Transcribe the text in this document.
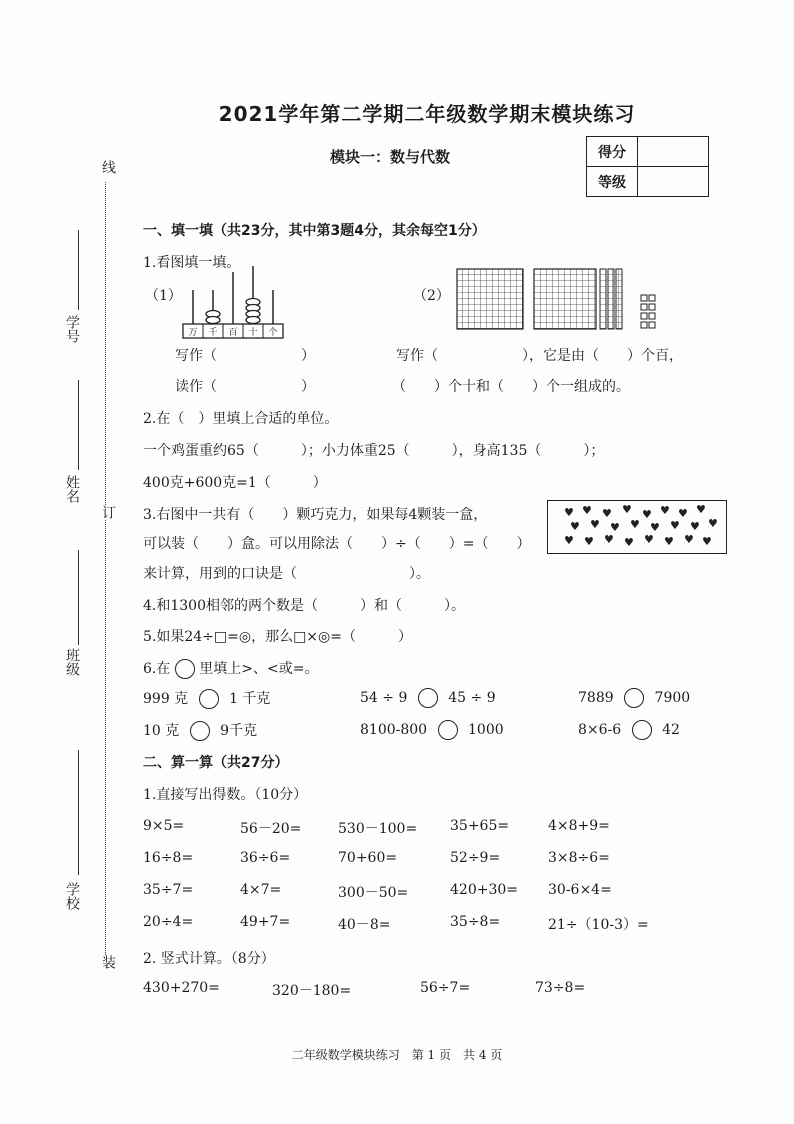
2021学年第二学期二年级数学期末模块练习
模块一：数与代数	得分	
等级	
线
订
装
学号
姓名
班级
学校
一、填一填（共23分，其中第3题4分，其余每空1分）
1.看图填一填。
（1）
万	千	百	十	个
（2）
写作（　　　　　　）	写作（　　　　　　），它是由（　　）个百，
读作（　　　　　　）	（　　）个十和（　　）个一组成的。
2.在（　）里填上合适的单位。
一个鸡蛋重约65（　　　）；小力体重25（　　　），身高135（　　　）；
400克+600克=1（　　　）
3.右图中一共有（　　）颗巧克力，如果每4颗装一盒，
可以装（　　）盒。可以用除法（　　）÷（　　）=（　　）
来计算，用到的口诀是（　　　　　　　　）。
♥ ♥ ♥ ♥ ♥ ♥ ♥ ♥
♥ ♥ ♥ ♥ ♥ ♥ ♥ ♥
♥ ♥ ♥ ♥ ♥ ♥ ♥ ♥
4.和1300相邻的两个数是（　　　）和（　　　）。
5.如果24÷□=◎，那么□×◎=（　　　）
6.在 里填上>、<或=。
999 克	1 千克	54 ÷ 9	45 ÷ 9	7889	7900
10 克	9千克	8100-800	1000	8×6-6	42
二、算一算（共27分）
1.直接写出得数。（10分）
9×5=	56－20=	530－100= 35+65=	4×8+9=
16÷8=	36÷6=	70+60=	52÷9=	3×8÷6=
35÷7=	4×7=	300－50=	420+30= 30-6×4=
20÷4=	49+7=	40－8=	35÷8=	21÷（10-3）=
2. 竖式计算。（8分）
430+270=	320－180=	56÷7=	73÷8=
二年级数学模块练习　第 1 页　共 4 页
